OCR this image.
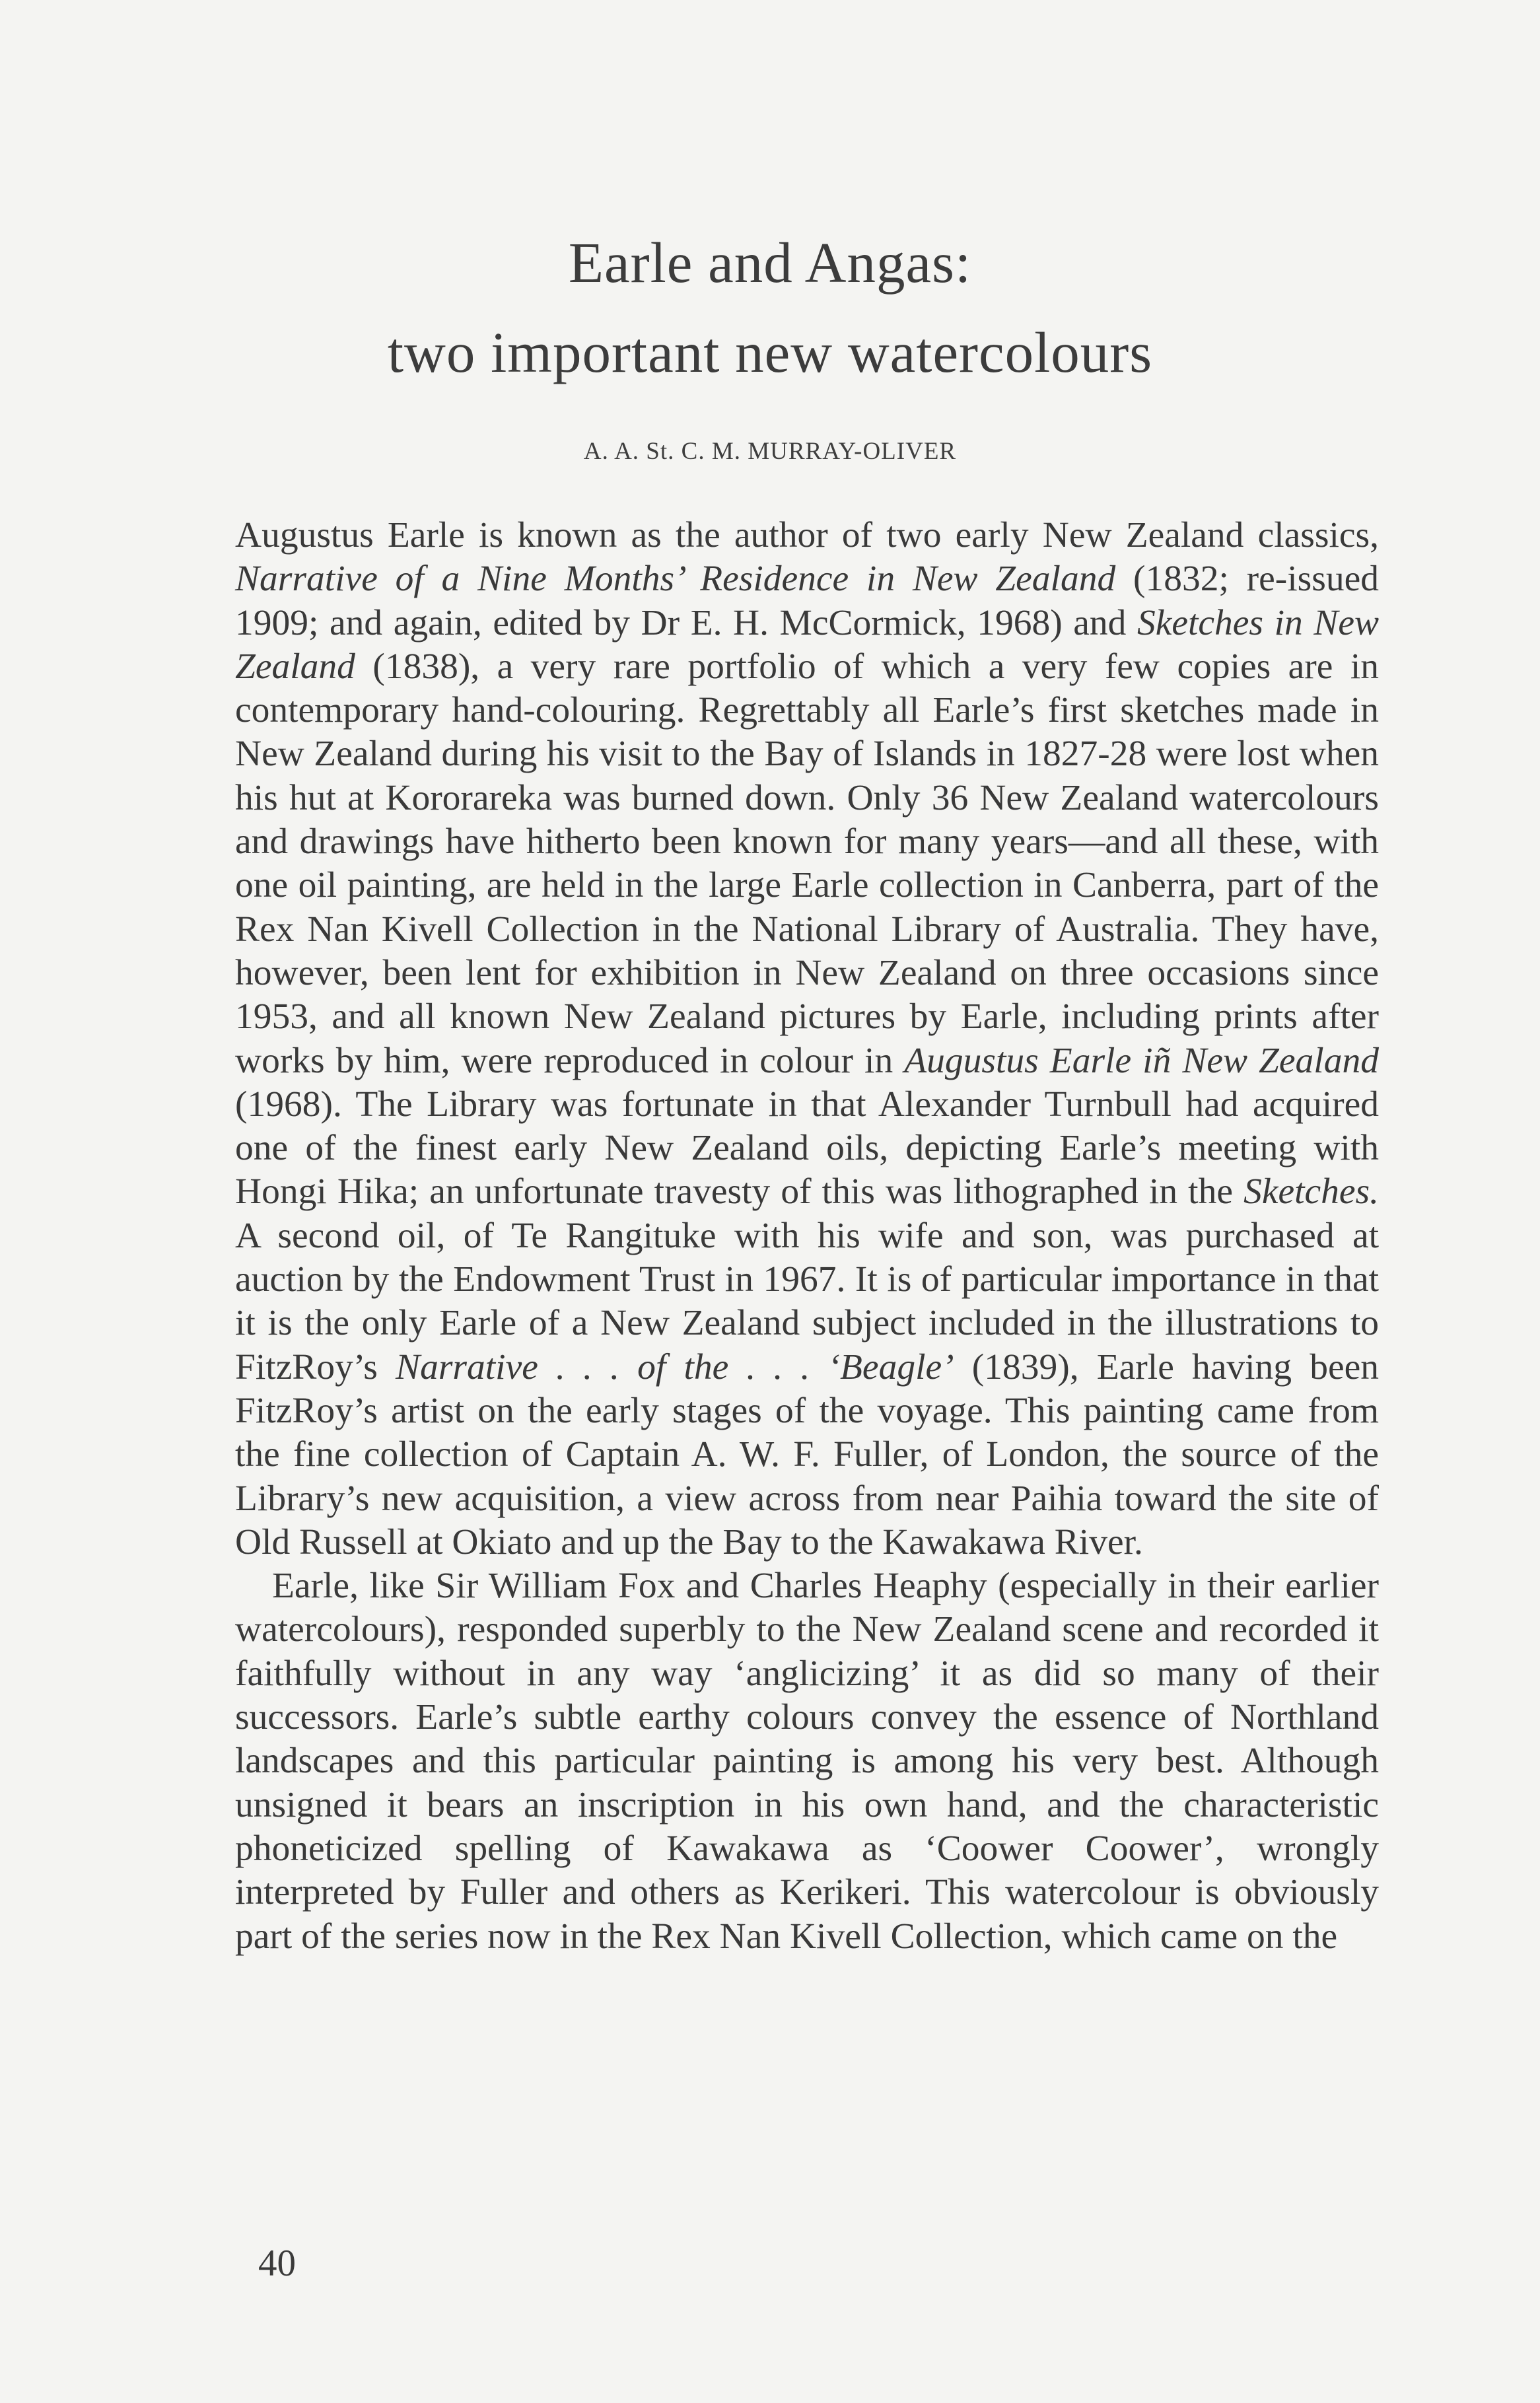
Earle and Angas:
two important new watercolours
A. A. St. C. M. MURRAY-OLIVER

Augustus Earle is known as the author of two early New Zealand classics, Narrative of a Nine Months’ Residence in New Zealand (1832; re-issued 1909; and again, edited by Dr E. H. McCormick, 1968) and Sketches in New Zealand (1838), a very rare portfolio of which a very few copies are in contemporary hand-colouring. Regrettably all Earle’s first sketches made in New Zealand during his visit to the Bay of Islands in 1827-28 were lost when his hut at Kororareka was burned down. Only 36 New Zealand watercolours and drawings have hitherto been known for many years—and all these, with one oil painting, are held in the large Earle collection in Canberra, part of the Rex Nan Kivell Collection in the National Library of Australia. They have, however, been lent for exhibition in New Zealand on three occasions since 1953, and all known New Zealand pictures by Earle, including prints after works by him, were reproduced in colour in Augustus Earle iñ New Zealand (1968). The Library was fortunate in that Alexander Turnbull had acquired one of the finest early New Zealand oils, depicting Earle’s meeting with Hongi Hika; an unfortunate travesty of this was lithographed in the Sketches. A second oil, of Te Rangituke with his wife and son, was purchased at auction by the Endowment Trust in 1967. It is of particular importance in that it is the only Earle of a New Zealand subject included in the illustrations to FitzRoy’s Narrative . . . of the . . . ‘Beagle’ (1839), Earle having been FitzRoy’s artist on the early stages of the voyage. This painting came from the fine collection of Captain A. W. F. Fuller, of London, the source of the Library’s new acquisition, a view across from near Paihia toward the site of Old Russell at Okiato and up the Bay to the Kawakawa River.

Earle, like Sir William Fox and Charles Heaphy (especially in their earlier watercolours), responded superbly to the New Zealand scene and recorded it faithfully without in any way ‘anglicizing’ it as did so many of their successors. Earle’s subtle earthy colours convey the essence of Northland landscapes and this particular painting is among his very best. Although unsigned it bears an inscription in his own hand, and the characteristic phoneticized spelling of Kawakawa as ‘Coower Coower’, wrongly interpreted by Fuller and others as Kerikeri. This watercolour is obviously part of the series now in the Rex Nan Kivell Collection, which came on the

40
